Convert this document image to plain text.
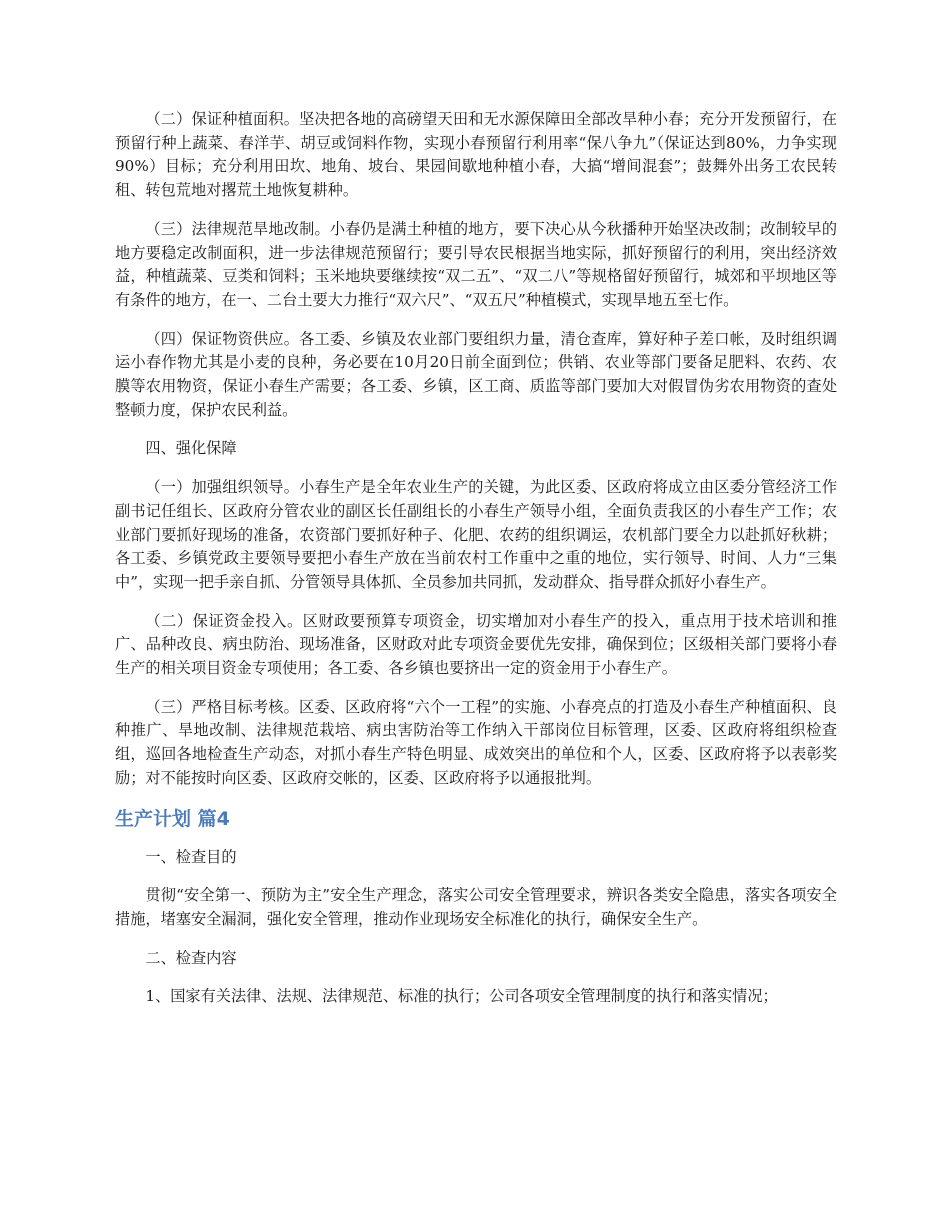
（二）保证种植面积。坚决把各地的高磅望天田和无水源保障田全部改旱种小春；充分开发预留行，在预留行种上蔬菜、春洋芋、胡豆或饲料作物，实现小春预留行利用率“保八争九”（保证达到80%，力争实现90%）目标；充分利用田坎、地角、坡台、果园间歇地种植小春，大搞“增间混套”；鼓舞外出务工农民转租、转包荒地对撂荒土地恢复耕种。

（三）法律规范旱地改制。小春仍是满土种植的地方，要下决心从今秋播种开始坚决改制；改制较早的地方要稳定改制面积，进一步法律规范预留行；要引导农民根据当地实际，抓好预留行的利用，突出经济效益，种植蔬菜、豆类和饲料；玉米地块要继续按“双二五”、“双二八”等规格留好预留行，城郊和平坝地区等有条件的地方，在一、二台土要大力推行“双六尺”、“双五尺”种植模式，实现旱地五至七作。

（四）保证物资供应。各工委、乡镇及农业部门要组织力量，清仓查库，算好种子差口帐，及时组织调运小春作物尤其是小麦的良种，务必要在10月20日前全面到位；供销、农业等部门要备足肥料、农药、农膜等农用物资，保证小春生产需要；各工委、乡镇，区工商、质监等部门要加大对假冒伪劣农用物资的查处整顿力度，保护农民利益。

四、强化保障

（一）加强组织领导。小春生产是全年农业生产的关键，为此区委、区政府将成立由区委分管经济工作副书记任组长、区政府分管农业的副区长任副组长的小春生产领导小组，全面负责我区的小春生产工作；农业部门要抓好现场的准备，农资部门要抓好种子、化肥、农药的组织调运，农机部门要全力以赴抓好秋耕；各工委、乡镇党政主要领导要把小春生产放在当前农村工作重中之重的地位，实行领导、时间、人力“三集中”，实现一把手亲自抓、分管领导具体抓、全员参加共同抓，发动群众、指导群众抓好小春生产。

（二）保证资金投入。区财政要预算专项资金，切实增加对小春生产的投入，重点用于技术培训和推广、品种改良、病虫防治、现场准备，区财政对此专项资金要优先安排，确保到位；区级相关部门要将小春生产的相关项目资金专项使用；各工委、各乡镇也要挤出一定的资金用于小春生产。

（三）严格目标考核。区委、区政府将“六个一工程”的实施、小春亮点的打造及小春生产种植面积、良种推广、旱地改制、法律规范栽培、病虫害防治等工作纳入干部岗位目标管理，区委、区政府将组织检查组，巡回各地检查生产动态，对抓小春生产特色明显、成效突出的单位和个人，区委、区政府将予以表彰奖励；对不能按时向区委、区政府交帐的，区委、区政府将予以通报批判。

生产计划 篇4

一、检查目的

贯彻“安全第一、预防为主”安全生产理念，落实公司安全管理要求，辨识各类安全隐患，落实各项安全措施，堵塞安全漏洞，强化安全管理，推动作业现场安全标准化的执行，确保安全生产。

二、检查内容

1、国家有关法律、法规、法律规范、标准的执行；公司各项安全管理制度的执行和落实情况；
